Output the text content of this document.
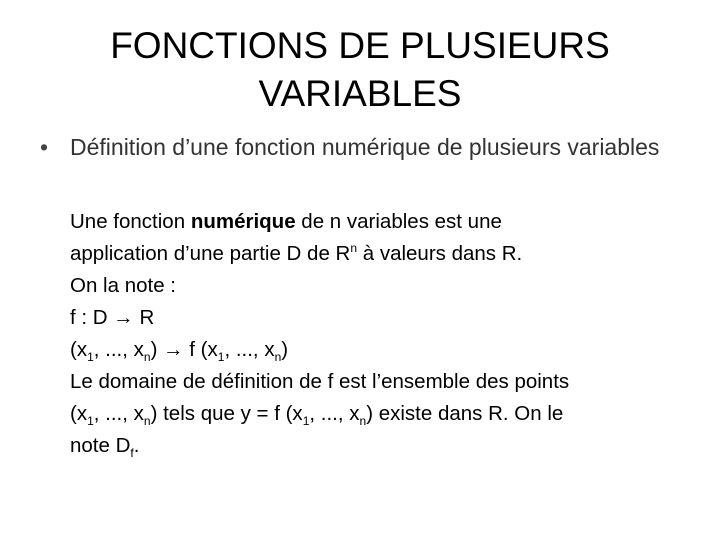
FONCTIONS DE PLUSIEURS
VARIABLES
• Définition d’une fonction numérique de plusieurs variables
Une fonction numérique de n variables est une
application d’une partie D de $R^n$ à valeurs dans R.
On la note :
f : D → R
($x_1$, ..., $x_n) \to f$ ($x_1$, ..., $x_n$)
Le domaine de définition de f est l’ensemble des points
($x_1$, ..., $x_n$) tels que y = f ($x_1$, ..., $x_n$) existe dans R. On le
note $D_f$.
